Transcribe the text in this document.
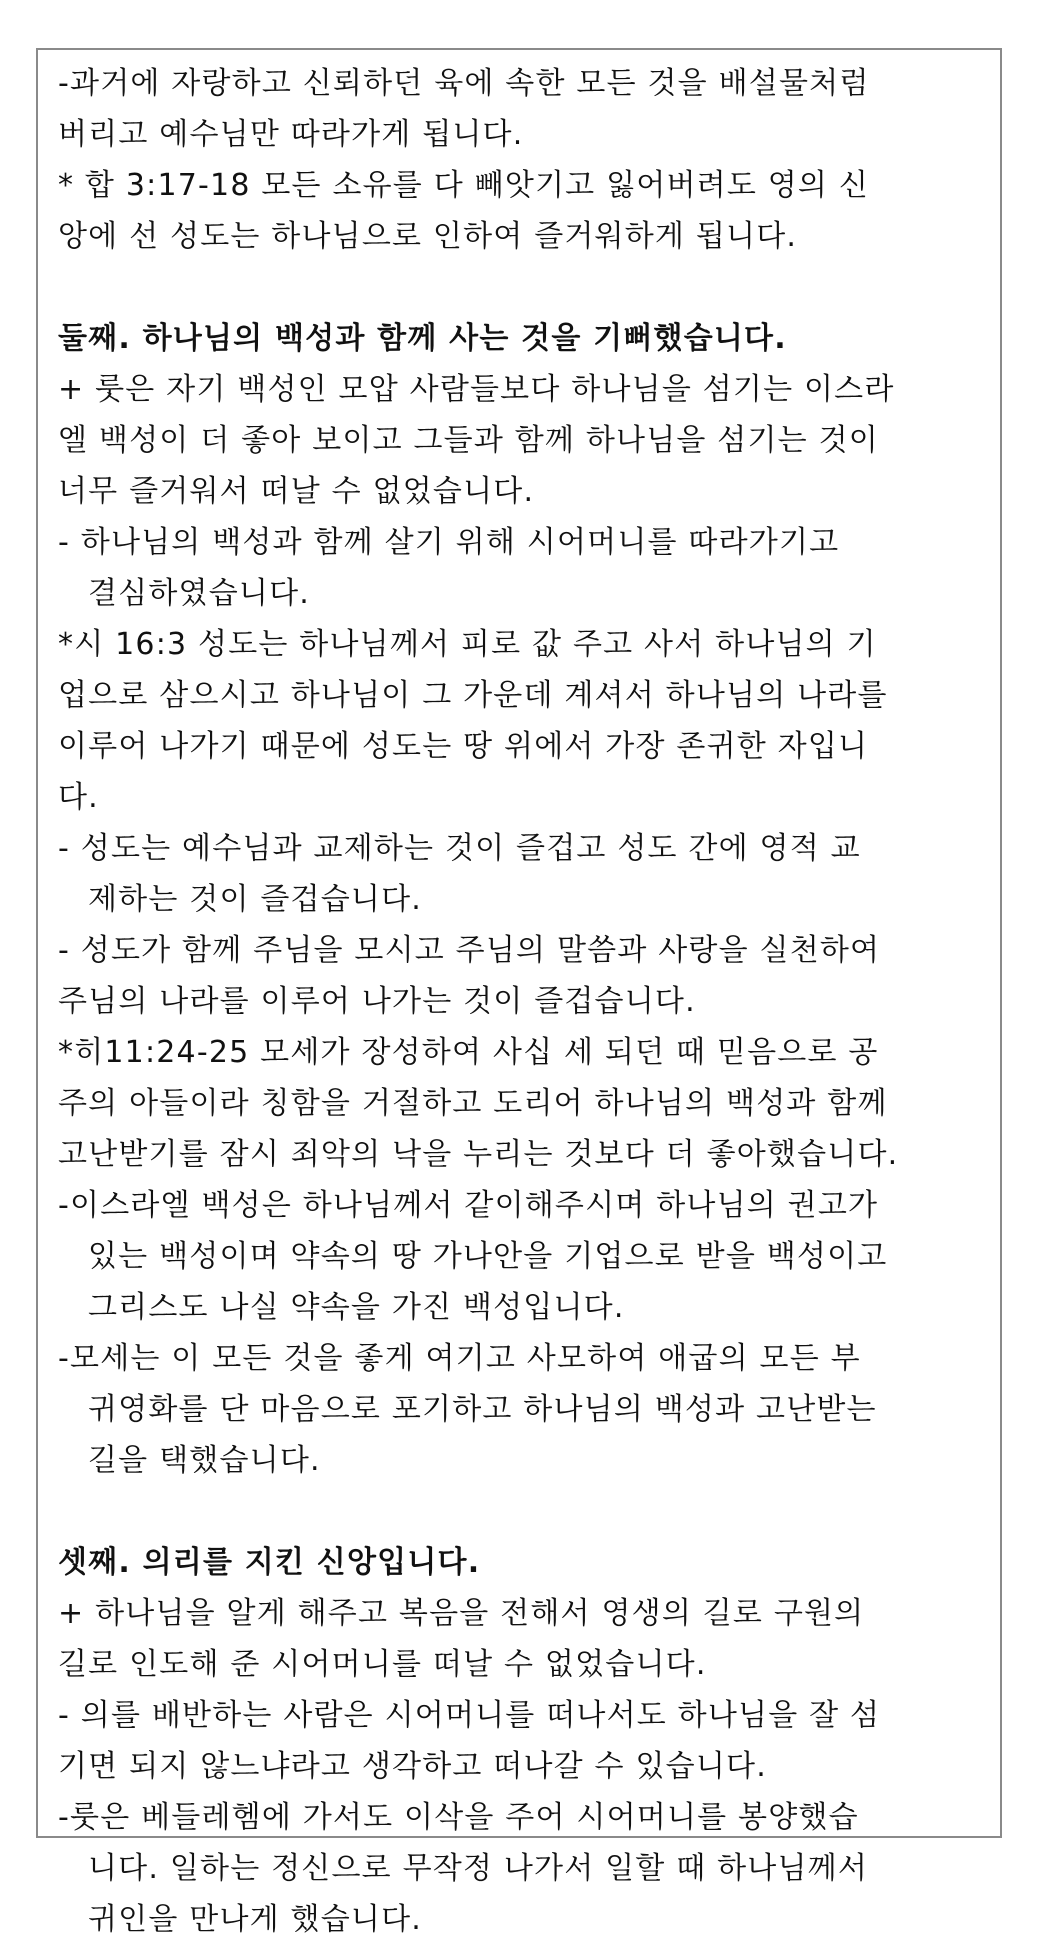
-과거에 자랑하고 신뢰하던 육에 속한 모든 것을 배설물처럼
버리고 예수님만 따라가게 됩니다.
* 합 3:17-18 모든 소유를 다 빼앗기고 잃어버려도 영의 신
앙에 선 성도는 하나님으로 인하여 즐거워하게 됩니다.
둘째. 하나님의 백성과 함께 사는 것을 기뻐했습니다.
+ 룻은 자기 백성인 모압 사람들보다 하나님을 섬기는 이스라
엘 백성이 더 좋아 보이고 그들과 함께 하나님을 섬기는 것이
너무 즐거워서 떠날 수 없었습니다.
- 하나님의 백성과 함께 살기 위해 시어머니를 따라가기고
결심하였습니다.
*시 16:3 성도는 하나님께서 피로 값 주고 사서 하나님의 기
업으로 삼으시고 하나님이 그 가운데 계셔서 하나님의 나라를
이루어 나가기 때문에 성도는 땅 위에서 가장 존귀한 자입니
다.
- 성도는 예수님과 교제하는 것이 즐겁고 성도 간에 영적 교
제하는 것이 즐겁습니다.
- 성도가 함께 주님을 모시고 주님의 말씀과 사랑을 실천하여
주님의 나라를 이루어 나가는 것이 즐겁습니다.
*히11:24-25 모세가 장성하여 사십 세 되던 때 믿음으로 공
주의 아들이라 칭함을 거절하고 도리어 하나님의 백성과 함께
고난받기를 잠시 죄악의 낙을 누리는 것보다 더 좋아했습니다.
-이스라엘 백성은 하나님께서 같이해주시며 하나님의 권고가
있는 백성이며 약속의 땅 가나안을 기업으로 받을 백성이고
그리스도 나실 약속을 가진 백성입니다.
-모세는 이 모든 것을 좋게 여기고 사모하여 애굽의 모든 부
귀영화를 단 마음으로 포기하고 하나님의 백성과 고난받는
길을 택했습니다.
셋째. 의리를 지킨 신앙입니다.
+ 하나님을 알게 해주고 복음을 전해서 영생의 길로 구원의
길로 인도해 준 시어머니를 떠날 수 없었습니다.
- 의를 배반하는 사람은 시어머니를 떠나서도 하나님을 잘 섬
기면 되지 않느냐라고 생각하고 떠나갈 수 있습니다.
-룻은 베들레헴에 가서도 이삭을 주어 시어머니를 봉양했습
니다. 일하는 정신으로 무작정 나가서 일할 때 하나님께서
귀인을 만나게 했습니다.
